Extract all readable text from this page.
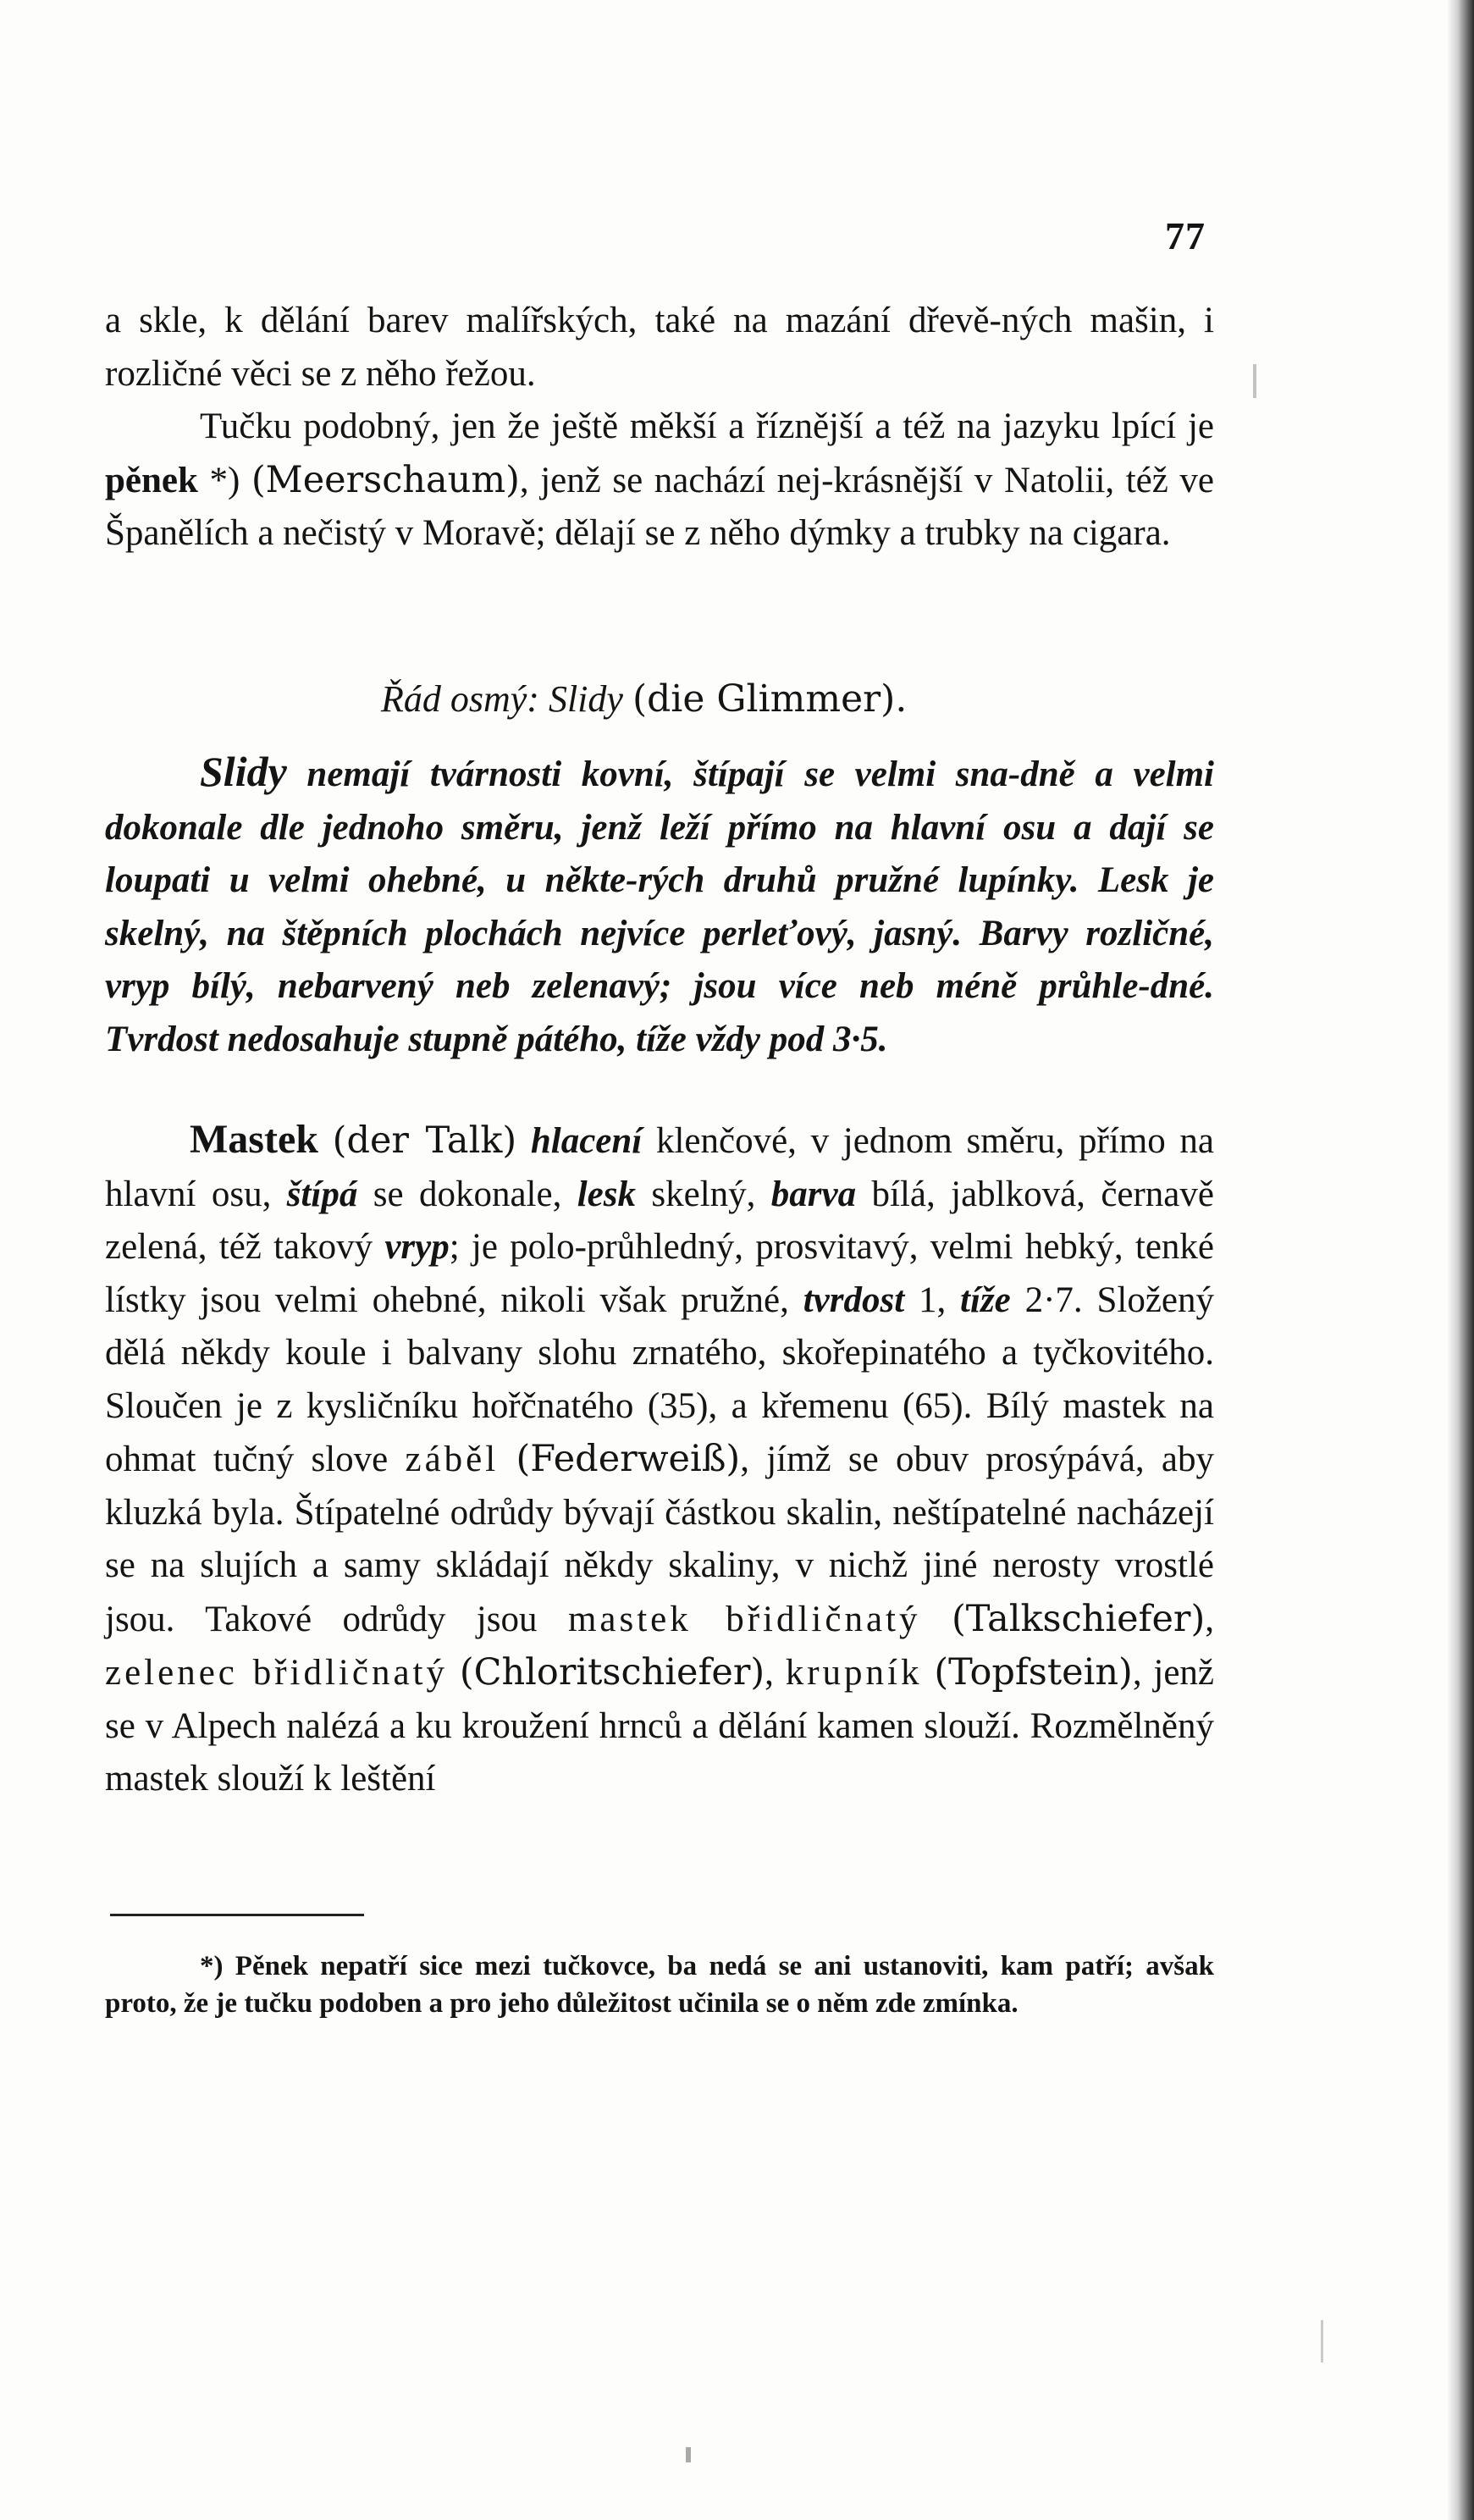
77

a skle, k dělání barev malířských, také na mazání dřevě-ných mašin, i rozličné věci se z něho řežou.

Tučku podobný, jen že ještě měkší a říznější a též na jazyku lpící je pěnek *) (Meerschaum), jenž se nachází nej-krásnější v Natolii, též ve Španělích a nečistý v Moravě; dělají se z něho dýmky a trubky na cigara.

Řád osmý: Slidy (die Glimmer).

Slidy nemají tvárnosti kovní, štípají se velmi sna-dně a velmi dokonale dle jednoho směru, jenž leží přímo na hlavní osu a dají se loupati u velmi ohebné, u někte-rých druhů pružné lupínky. Lesk je skelný, na štěpních plochách nejvíce perleťový, jasný. Barvy rozličné, vryp bílý, nebarvený neb zelenavý; jsou více neb méně průhle-dné. Tvrdost nedosahuje stupně pátého, tíže vždy pod 3·5.

Mastek (der Talk) hlacení klenčové, v jednom směru, přímo na hlavní osu, štípá se dokonale, lesk skelný, barva bílá, jablková, černavě zelená, též takový vryp; je polo-průhledný, prosvitavý, velmi hebký, tenké lístky jsou velmi ohebné, nikoli však pružné, tvrdost 1, tíže 2·7. Složený dělá někdy koule i balvany slohu zrnatého, skořepinatého a tyčkovitého. Sloučen je z kysličníku hořčnatého (35), a křemenu (65). Bílý mastek na ohmat tučný slove záběl (Federweiß), jímž se obuv prosýpává, aby kluzká byla. Štípatelné odrůdy bývají částkou skalin, neštípatelné nacházejí se na slujích a samy skládají někdy skaliny, v nichž jiné nerosty vrostlé jsou. Takové odrůdy jsou mastek břidličnatý (Talkschiefer), zelenec břidličnatý (Chloritschiefer), krupník (Topfstein), jenž se v Alpech nalézá a ku kroužení hrnců a dělání kamen slouží. Rozmělněný mastek slouží k leštění

*) Pěnek nepatří sice mezi tučkovce, ba nedá se ani ustanoviti, kam patří; avšak proto, že je tučku podoben a pro jeho důležitost učinila se o něm zde zmínka.
